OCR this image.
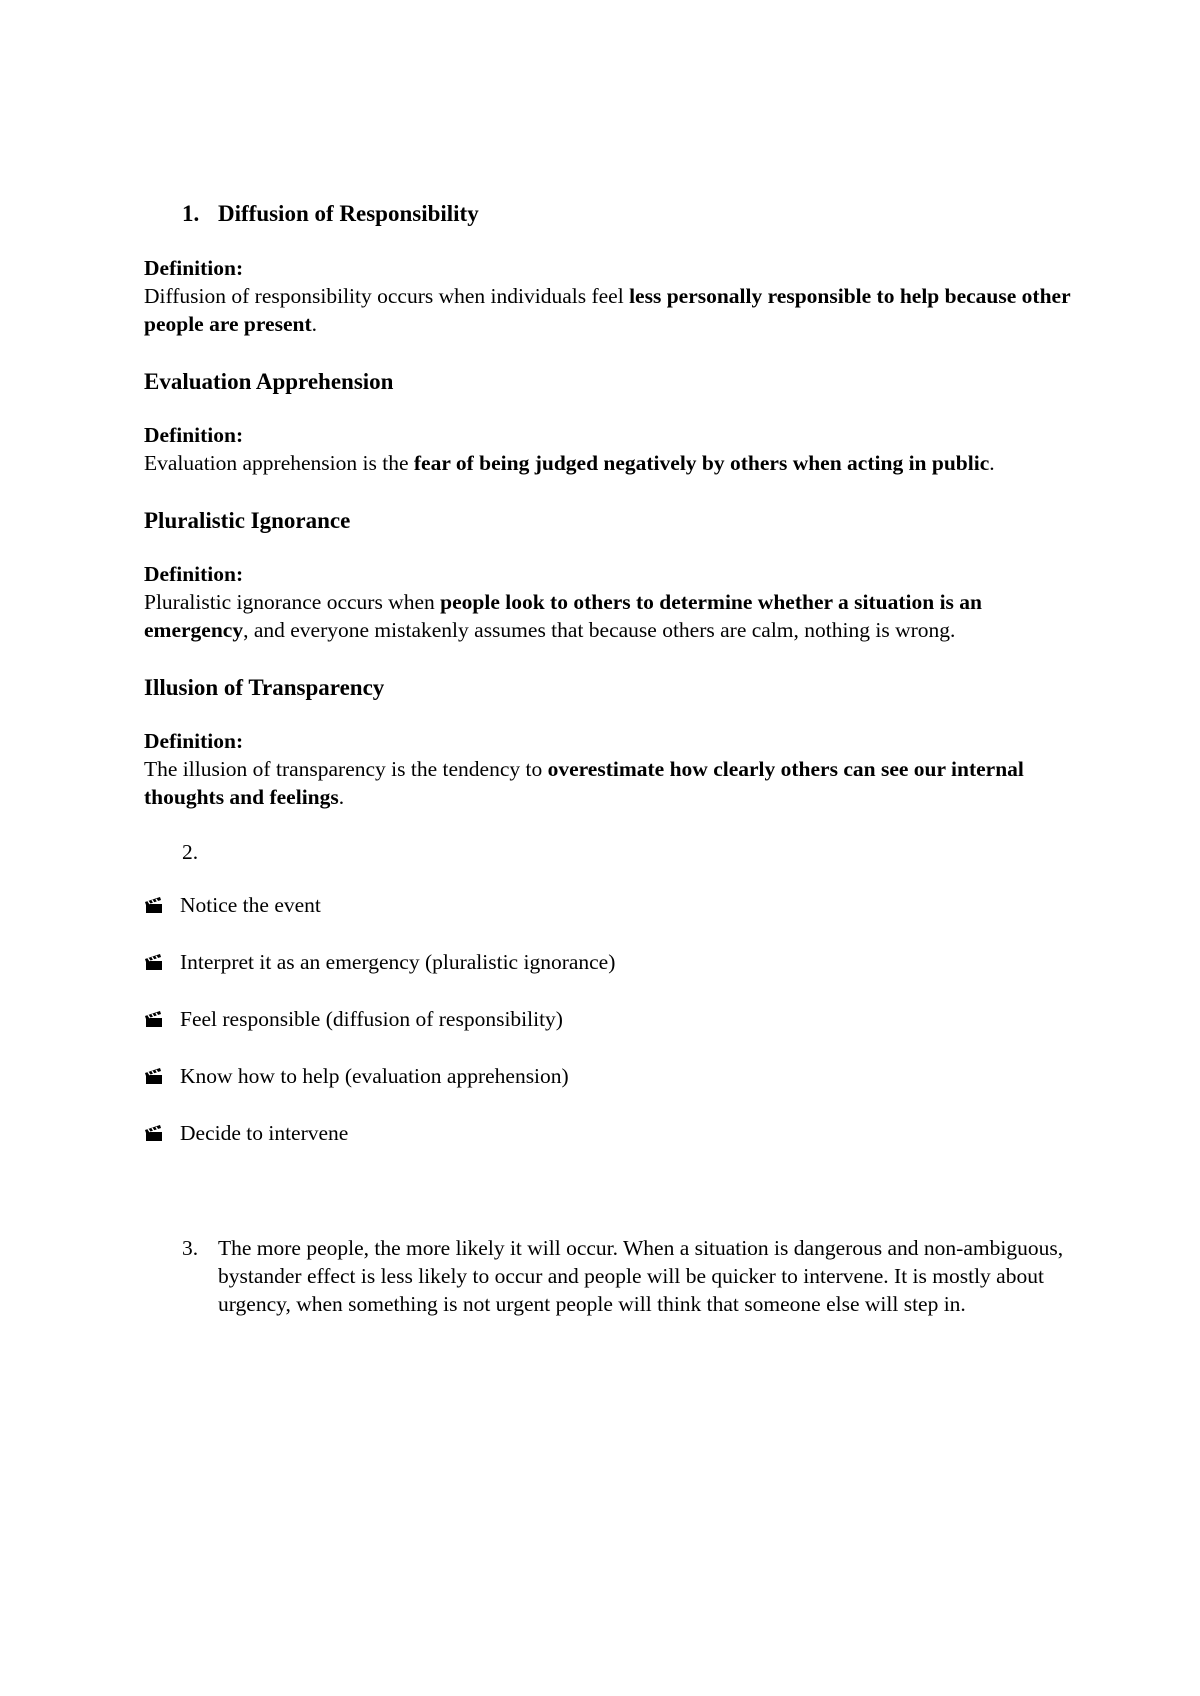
1. Diffusion of Responsibility

Definition:

Diffusion of responsibility occurs when individuals feel less personally responsible to help because other people are present.

Evaluation Apprehension

Definition:

Evaluation apprehension is the fear of being judged negatively by others when acting in public.

Pluralistic Ignorance

Definition:

Pluralistic ignorance occurs when people look to others to determine whether a situation is an emergency, and everyone mistakenly assumes that because others are calm, nothing is wrong.

Illusion of Transparency

Definition:

The illusion of transparency is the tendency to overestimate how clearly others can see our internal thoughts and feelings.

2.
Notice the event
Interpret it as an emergency (pluralistic ignorance)
Feel responsible (diffusion of responsibility)
Know how to help (evaluation apprehension)
Decide to intervene
3. The more people, the more likely it will occur. When a situation is dangerous and non-ambiguous, bystander effect is less likely to occur and people will be quicker to intervene. It is mostly about urgency, when something is not urgent people will think that someone else will step in.
